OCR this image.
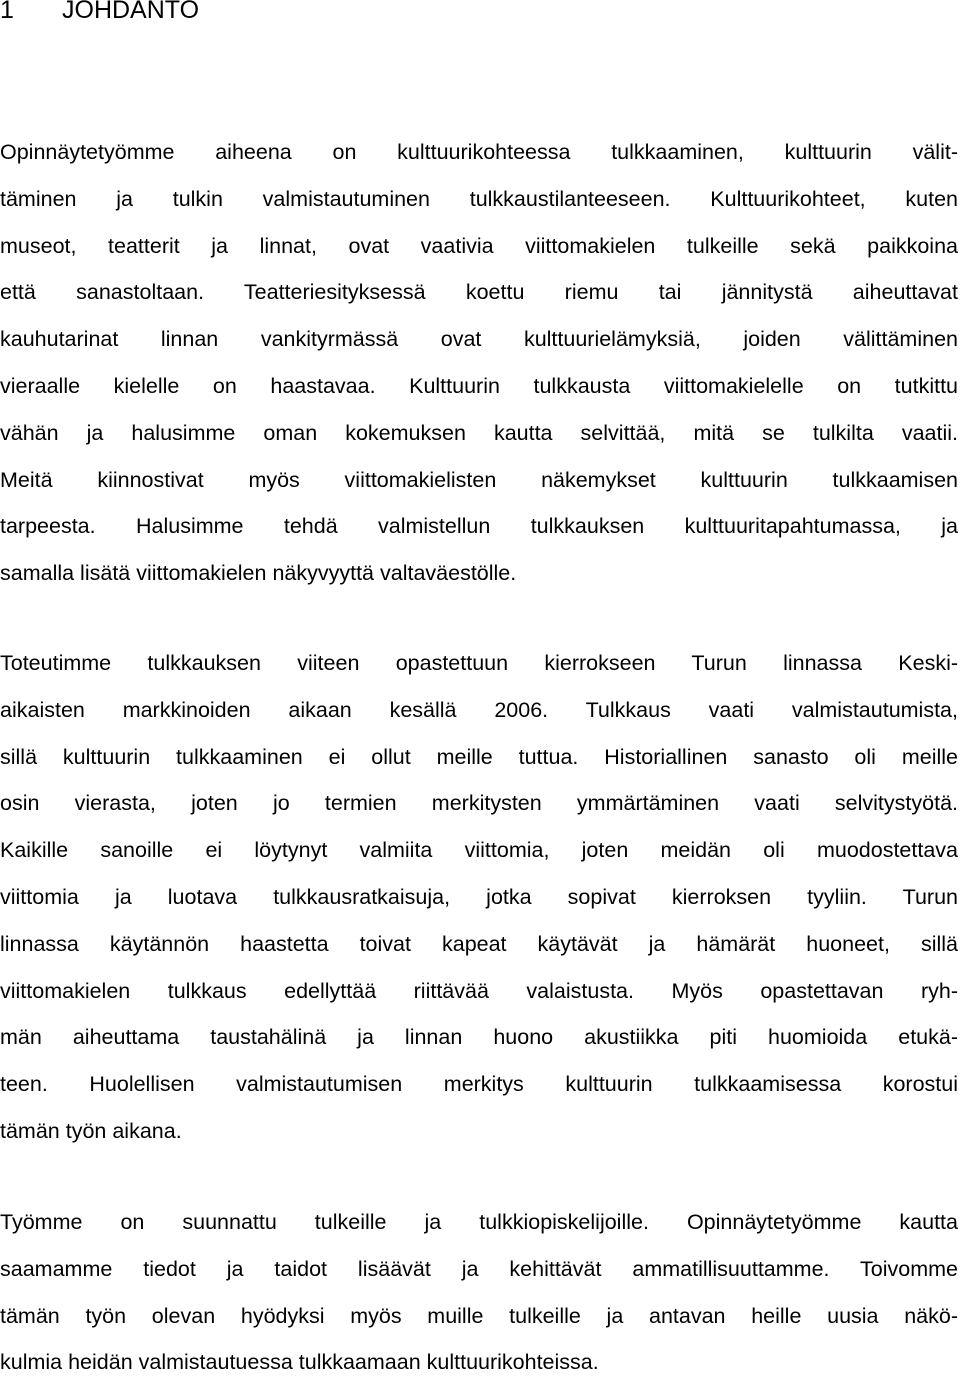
1 JOHDANTO
Opinnäytetyömme aiheena on kulttuurikohteessa tulkkaaminen, kulttuurin välit-
täminen ja tulkin valmistautuminen tulkkaustilanteeseen. Kulttuurikohteet, kuten
museot, teatterit ja linnat, ovat vaativia viittomakielen tulkeille sekä paikkoina
että sanastoltaan. Teatteriesityksessä koettu riemu tai jännitystä aiheuttavat
kauhutarinat linnan vankityrmässä ovat kulttuurielämyksiä, joiden välittäminen
vieraalle kielelle on haastavaa. Kulttuurin tulkkausta viittomakielelle on tutkittu
vähän ja halusimme oman kokemuksen kautta selvittää, mitä se tulkilta vaatii.
Meitä kiinnostivat myös viittomakielisten näkemykset kulttuurin tulkkaamisen
tarpeesta. Halusimme tehdä valmistellun tulkkauksen kulttuuritapahtumassa, ja
samalla lisätä viittomakielen näkyvyyttä valtaväestölle.
Toteutimme tulkkauksen viiteen opastettuun kierrokseen Turun linnassa Keski-
aikaisten markkinoiden aikaan kesällä 2006. Tulkkaus vaati valmistautumista,
sillä kulttuurin tulkkaaminen ei ollut meille tuttua. Historiallinen sanasto oli meille
osin vierasta, joten jo termien merkitysten ymmärtäminen vaati selvitystyötä.
Kaikille sanoille ei löytynyt valmiita viittomia, joten meidän oli muodostettava
viittomia ja luotava tulkkausratkaisuja, jotka sopivat kierroksen tyyliin. Turun
linnassa käytännön haastetta toivat kapeat käytävät ja hämärät huoneet, sillä
viittomakielen tulkkaus edellyttää riittävää valaistusta. Myös opastettavan ryh-
män aiheuttama taustahälinä ja linnan huono akustiikka piti huomioida etukä-
teen. Huolellisen valmistautumisen merkitys kulttuurin tulkkaamisessa korostui
tämän työn aikana.
Työmme on suunnattu tulkeille ja tulkkiopiskelijoille. Opinnäytetyömme kautta
saamamme tiedot ja taidot lisäävät ja kehittävät ammatillisuuttamme. Toivomme
tämän työn olevan hyödyksi myös muille tulkeille ja antavan heille uusia näkö-
kulmia heidän valmistautuessa tulkkaamaan kulttuurikohteissa.
